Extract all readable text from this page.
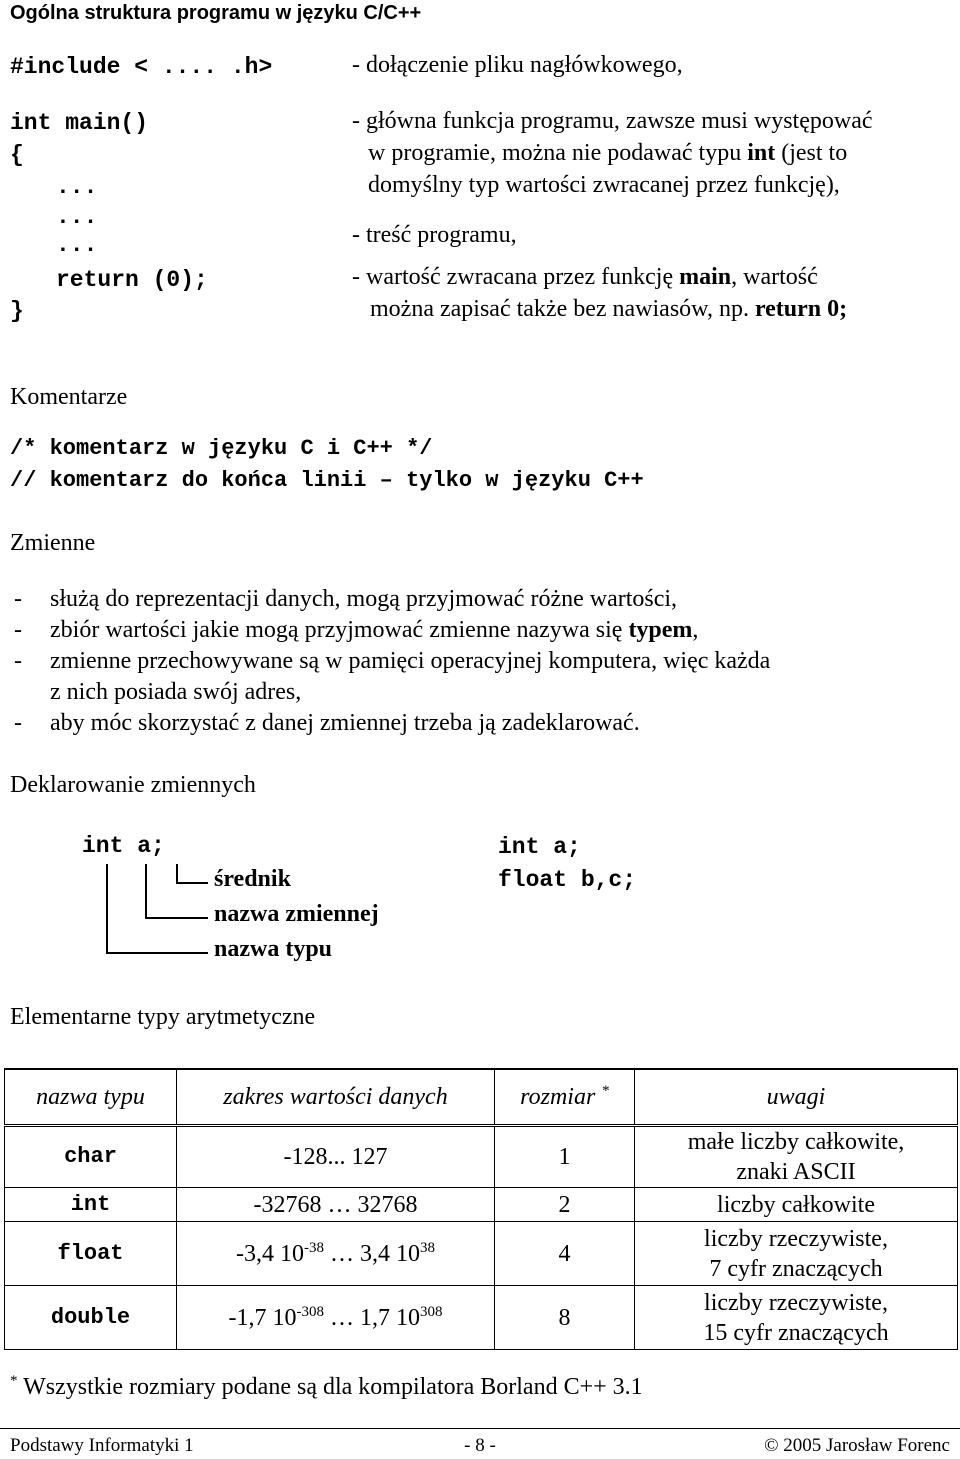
Ogólna struktura programu w języku C/C++
#include < .... .h>
int main()
{
...
...
...
return (0);
}
- dołączenie pliku nagłówkowego,
- główna funkcja programu, zawsze musi występować
w programie, można nie podawać typu int (jest to
domyślny typ wartości zwracanej przez funkcję),
- treść programu,
- wartość zwracana przez funkcję main, wartość
można zapisać także bez nawiasów, np. return 0;
Komentarze
/* komentarz w języku C i C++ */
// komentarz do końca linii – tylko w języku C++
Zmienne
- służą do reprezentacji danych, mogą przyjmować różne wartości,
- zbiór wartości jakie mogą przyjmować zmienne nazywa się typem,
- zmienne przechowywane są w pamięci operacyjnej komputera, więc każda
z nich posiada swój adres,
- aby móc skorzystać z danej zmiennej trzeba ją zadeklarować.
Deklarowanie zmiennych
int a;
średnik
nazwa zmiennej
nazwa typu
int a;
float b,c;
Elementarne typy arytmetyczne
nazwa typu	zakres wartości danych	rozmiar *	uwagi
char	-128... 127	1	małe liczby całkowite,
znaki ASCII

int	-32768 … 32768	2	liczby całkowite
float	-3,4 $10^{-38}$ … 3,4 $10^{38}$	4	liczby rzeczywiste,
7 cyfr znaczących

double	-1,7 $10^{-308}$ … 1,7 $10^{308}$	8	liczby rzeczywiste,
15 cyfr znaczących
* Wszystkie rozmiary podane są dla kompilatora Borland C++ 3.1
Podstawy Informatyki 1	- 8 -	© 2005 Jarosław Forenc
